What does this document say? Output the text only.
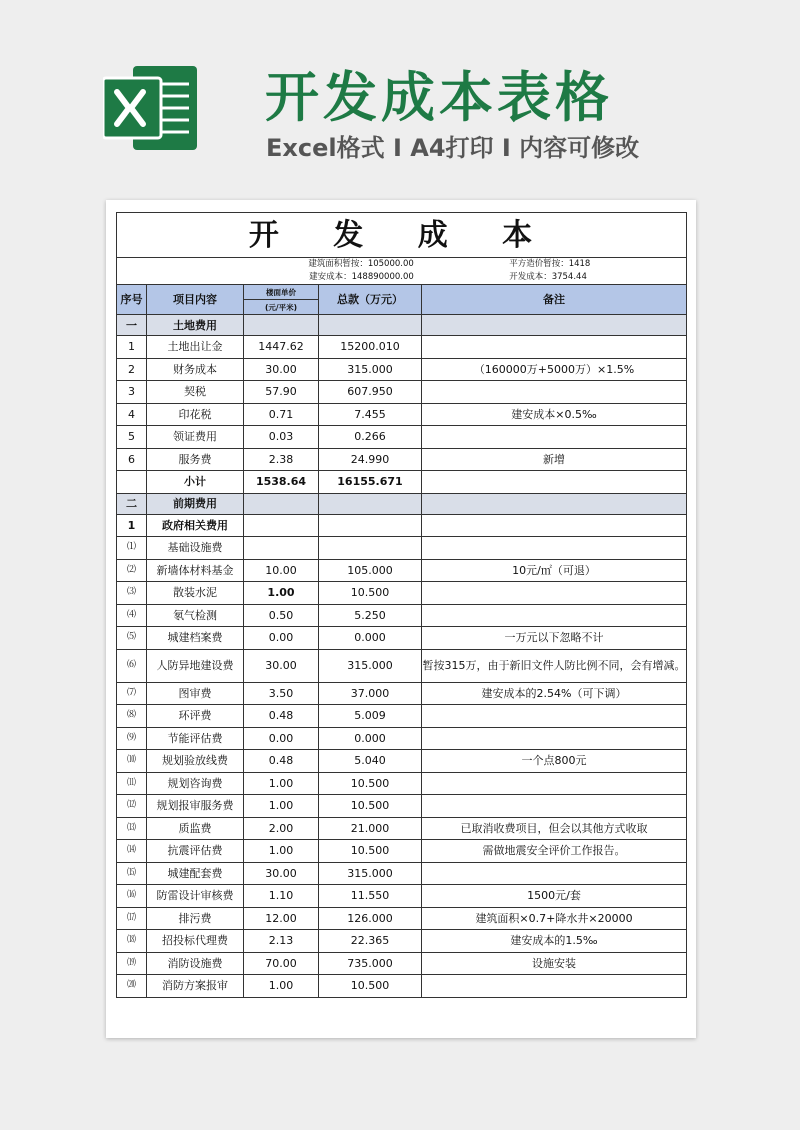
开发成本表格
Excel格式 I A4打印 I 内容可修改
开 发 成 本				
建筑面积暂按：105000.00 平方造价暂按：1418				
建安成本：148890000.00 开发成本：3754.44				
序号	项目内容	楼面单价	总款（万元）	备注
		(元/平米)		
一	土地费用			
1	土地出让金	1447.62	15200.010	
2	财务成本	30.00	315.000	（160000万+5000万）×1.5%
3	契税	57.90	607.950	
4	印花税	0.71	7.455	建安成本×0.5‰
5	领证费用	0.03	0.266	
6	服务费	2.38	24.990	新增
	小计	1538.64	16155.671	
二	前期费用			
1	政府相关费用			
⑴	基础设施费			
⑵	新墙体材料基金	10.00	105.000	10元/㎡（可退）
⑶	散装水泥	1.00	10.500	
⑷	氡气检测	0.50	5.250	
⑸	城建档案费	0.00	0.000	一万元以下忽略不计
⑹	人防异地建设费	30.00	315.000	暂按315万，由于新旧文件人防比例不同，会有增减。
⑺	图审费	3.50	37.000	建安成本的2.54%（可下调）
⑻	环评费	0.48	5.009	
⑼	节能评估费	0.00	0.000	
⑽	规划验放线费	0.48	5.040	一个点800元
⑾	规划咨询费	1.00	10.500	
⑿	规划报审服务费	1.00	10.500	
⒀	质监费	2.00	21.000	已取消收费项目，但会以其他方式收取
⒁	抗震评估费	1.00	10.500	需做地震安全评价工作报告。
⒂	城建配套费	30.00	315.000	
⒃	防雷设计审核费	1.10	11.550	1500元/套
⒄	排污费	12.00	126.000	建筑面积×0.7+降水井×20000
⒅	招投标代理费	2.13	22.365	建安成本的1.5‰
⒆	消防设施费	70.00	735.000	设施安装
⒇	消防方案报审	1.00	10.500	
